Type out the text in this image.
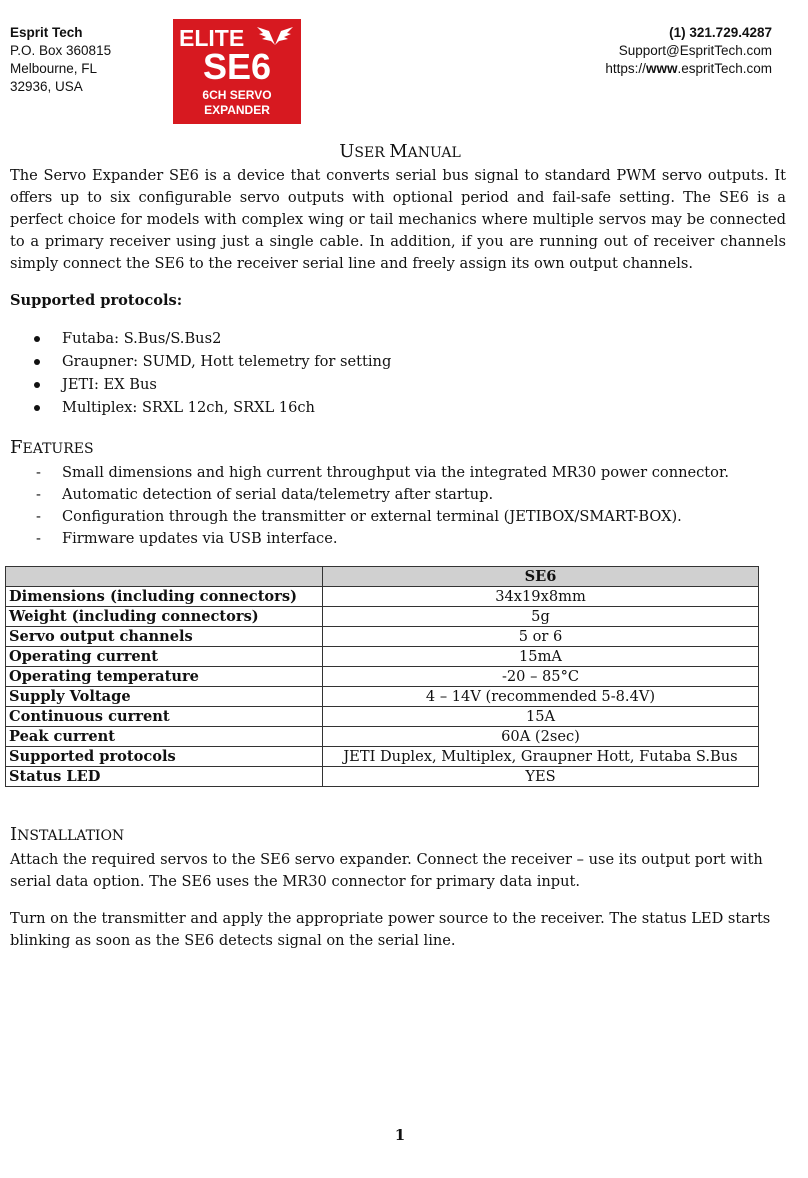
Esprit Tech
P.O. Box 360815
Melbourne, FL
32936, USA
ELITE
SE6
6CH SERVO
EXPANDER
(1) 321.729.4287
Support@EspritTech.com
https://www.espritTech.com
USER MANUAL
The Servo Expander SE6 is a device that converts serial bus signal to standard PWM servo outputs. It offers up to six configurable servo outputs with optional period and fail-safe setting. The SE6 is a perfect choice for models with complex wing or tail mechanics where multiple servos may be connected to a primary receiver using just a single cable. In addition, if you are running out of receiver channels simply connect the SE6 to the receiver serial line and freely assign its own output channels.
Supported protocols:
Futaba: S.Bus/S.Bus2
Graupner: SUMD, Hott telemetry for setting
JETI: EX Bus
Multiplex: SRXL 12ch, SRXL 16ch
FEATURES
- Small dimensions and high current throughput via the integrated MR30 power connector.
- Automatic detection of serial data/telemetry after startup.
- Configuration through the transmitter or external terminal (JETIBOX/SMART-BOX).
- Firmware updates via USB interface.
	SE6
Dimensions (including connectors)	34x19x8mm
Weight (including connectors)	5g
Servo output channels	5 or 6
Operating current	15mA
Operating temperature	-20 – 85°C
Supply Voltage	4 – 14V (recommended 5-8.4V)
Continuous current	15A
Peak current	60A (2sec)
Supported protocols	JETI Duplex, Multiplex, Graupner Hott, Futaba S.Bus
Status LED	YES
INSTALLATION
Attach the required servos to the SE6 servo expander. Connect the receiver – use its output port with serial data option. The SE6 uses the MR30 connector for primary data input.
Turn on the transmitter and apply the appropriate power source to the receiver. The status LED starts blinking as soon as the SE6 detects signal on the serial line.
1
